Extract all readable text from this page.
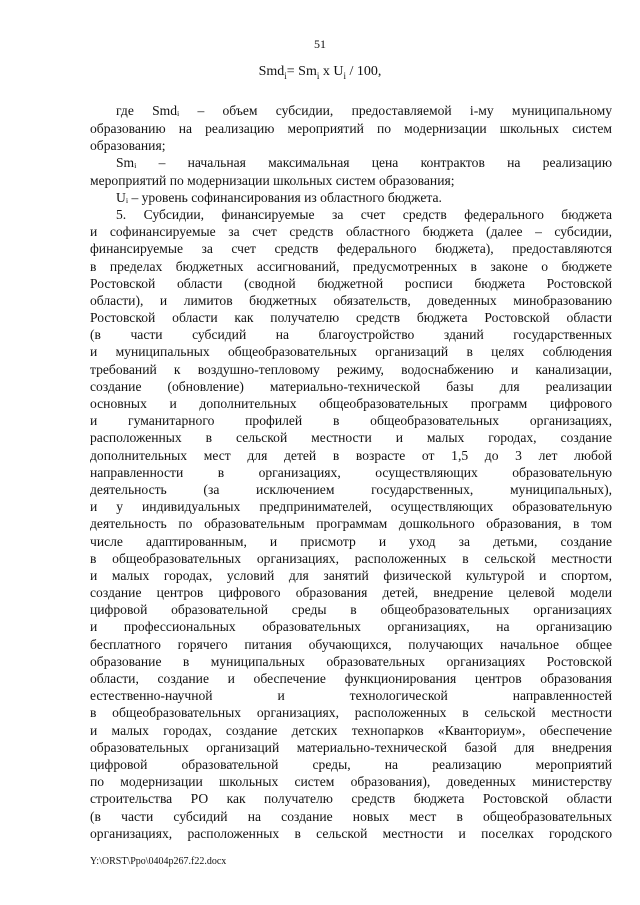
51
$Smd_i= Sm_i$ x $U_i / 100$,
где Smdᵢ – объем субсидии, предоставляемой i-му муниципальному
образованию на реализацию мероприятий по модернизации школьных систем
образования;
Smᵢ – начальная максимальная цена контрактов на реализацию
мероприятий по модернизации школьных систем образования;
Uᵢ – уровень софинансирования из областного бюджета.
5. Субсидии, финансируемые за счет средств федерального бюджета
и софинансируемые за счет средств областного бюджета (далее – субсидии,
финансируемые за счет средств федерального бюджета), предоставляются
в пределах бюджетных ассигнований, предусмотренных в законе о бюджете
Ростовской области (сводной бюджетной росписи бюджета Ростовской
области), и лимитов бюджетных обязательств, доведенных минобразованию
Ростовской области как получателю средств бюджета Ростовской области
(в части субсидий на благоустройство зданий государственных
и муниципальных общеобразовательных организаций в целях соблюдения
требований к воздушно-тепловому режиму, водоснабжению и канализации,
создание (обновление) материально-технической базы для реализации
основных и дополнительных общеобразовательных программ цифрового
и гуманитарного профилей в общеобразовательных организациях,
расположенных в сельской местности и малых городах, создание
дополнительных мест для детей в возрасте от 1,5 до 3 лет любой
направленности в организациях, осуществляющих образовательную
деятельность (за исключением государственных, муниципальных),
и у индивидуальных предпринимателей, осуществляющих образовательную
деятельность по образовательным программам дошкольного образования, в том
числе адаптированным, и присмотр и уход за детьми, создание
в общеобразовательных организациях, расположенных в сельской местности
и малых городах, условий для занятий физической культурой и спортом,
создание центров цифрового образования детей, внедрение целевой модели
цифровой образовательной среды в общеобразовательных организациях
и профессиональных образовательных организациях, на организацию
бесплатного горячего питания обучающихся, получающих начальное общее
образование в муниципальных образовательных организациях Ростовской
области, создание и обеспечение функционирования центров образования
естественно-научной и технологической направленностей
в общеобразовательных организациях, расположенных в сельской местности
и малых городах, создание детских технопарков «Кванториум», обеспечение
образовательных организаций материально-технической базой для внедрения
цифровой образовательной среды, на реализацию мероприятий
по модернизации школьных систем образования), доведенных министерству
строительства РО как получателю средств бюджета Ростовской области
(в части субсидий на создание новых мест в общеобразовательных
организациях, расположенных в сельской местности и поселках городского
Y:\ORST\Ppo\0404p267.f22.docx
